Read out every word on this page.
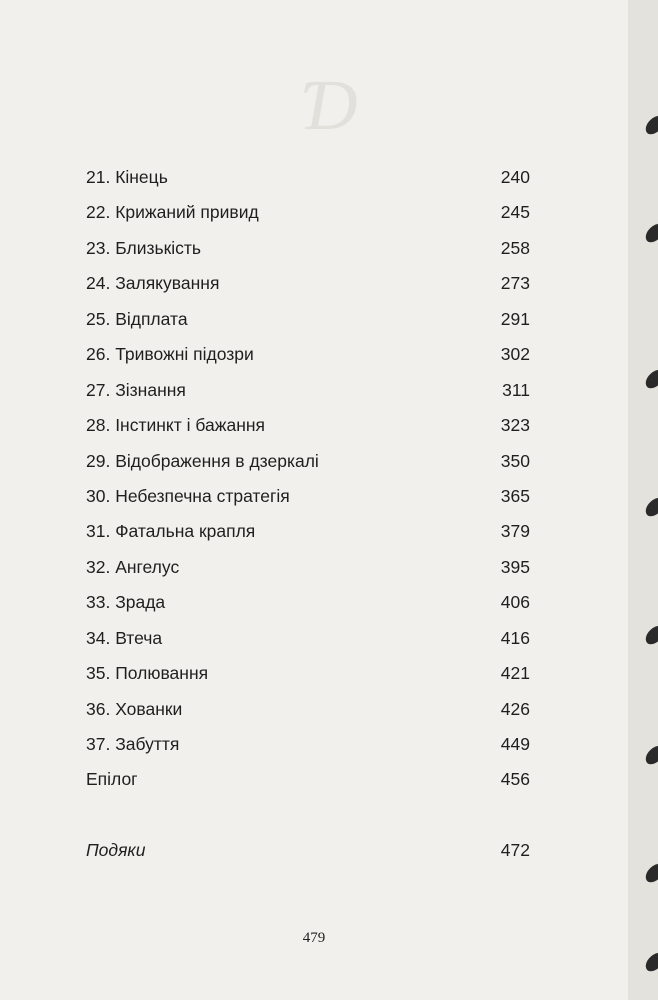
Ɗ
21. Кінець	240
22. Крижаний привид	245
23. Близькість	258
24. Залякування	273
25. Відплата	291
26. Тривожні підозри	302
27. Зізнання	311
28. Інстинкт і бажання	323
29. Відображення в дзеркалі	350
30. Небезпечна стратегія	365
31. Фатальна крапля	379
32. Ангелус	395
33. Зрада	406
34. Втеча	416
35. Полювання	421
36. Хованки	426
37. Забуття	449
Епілог	456
Подяки	472
479
